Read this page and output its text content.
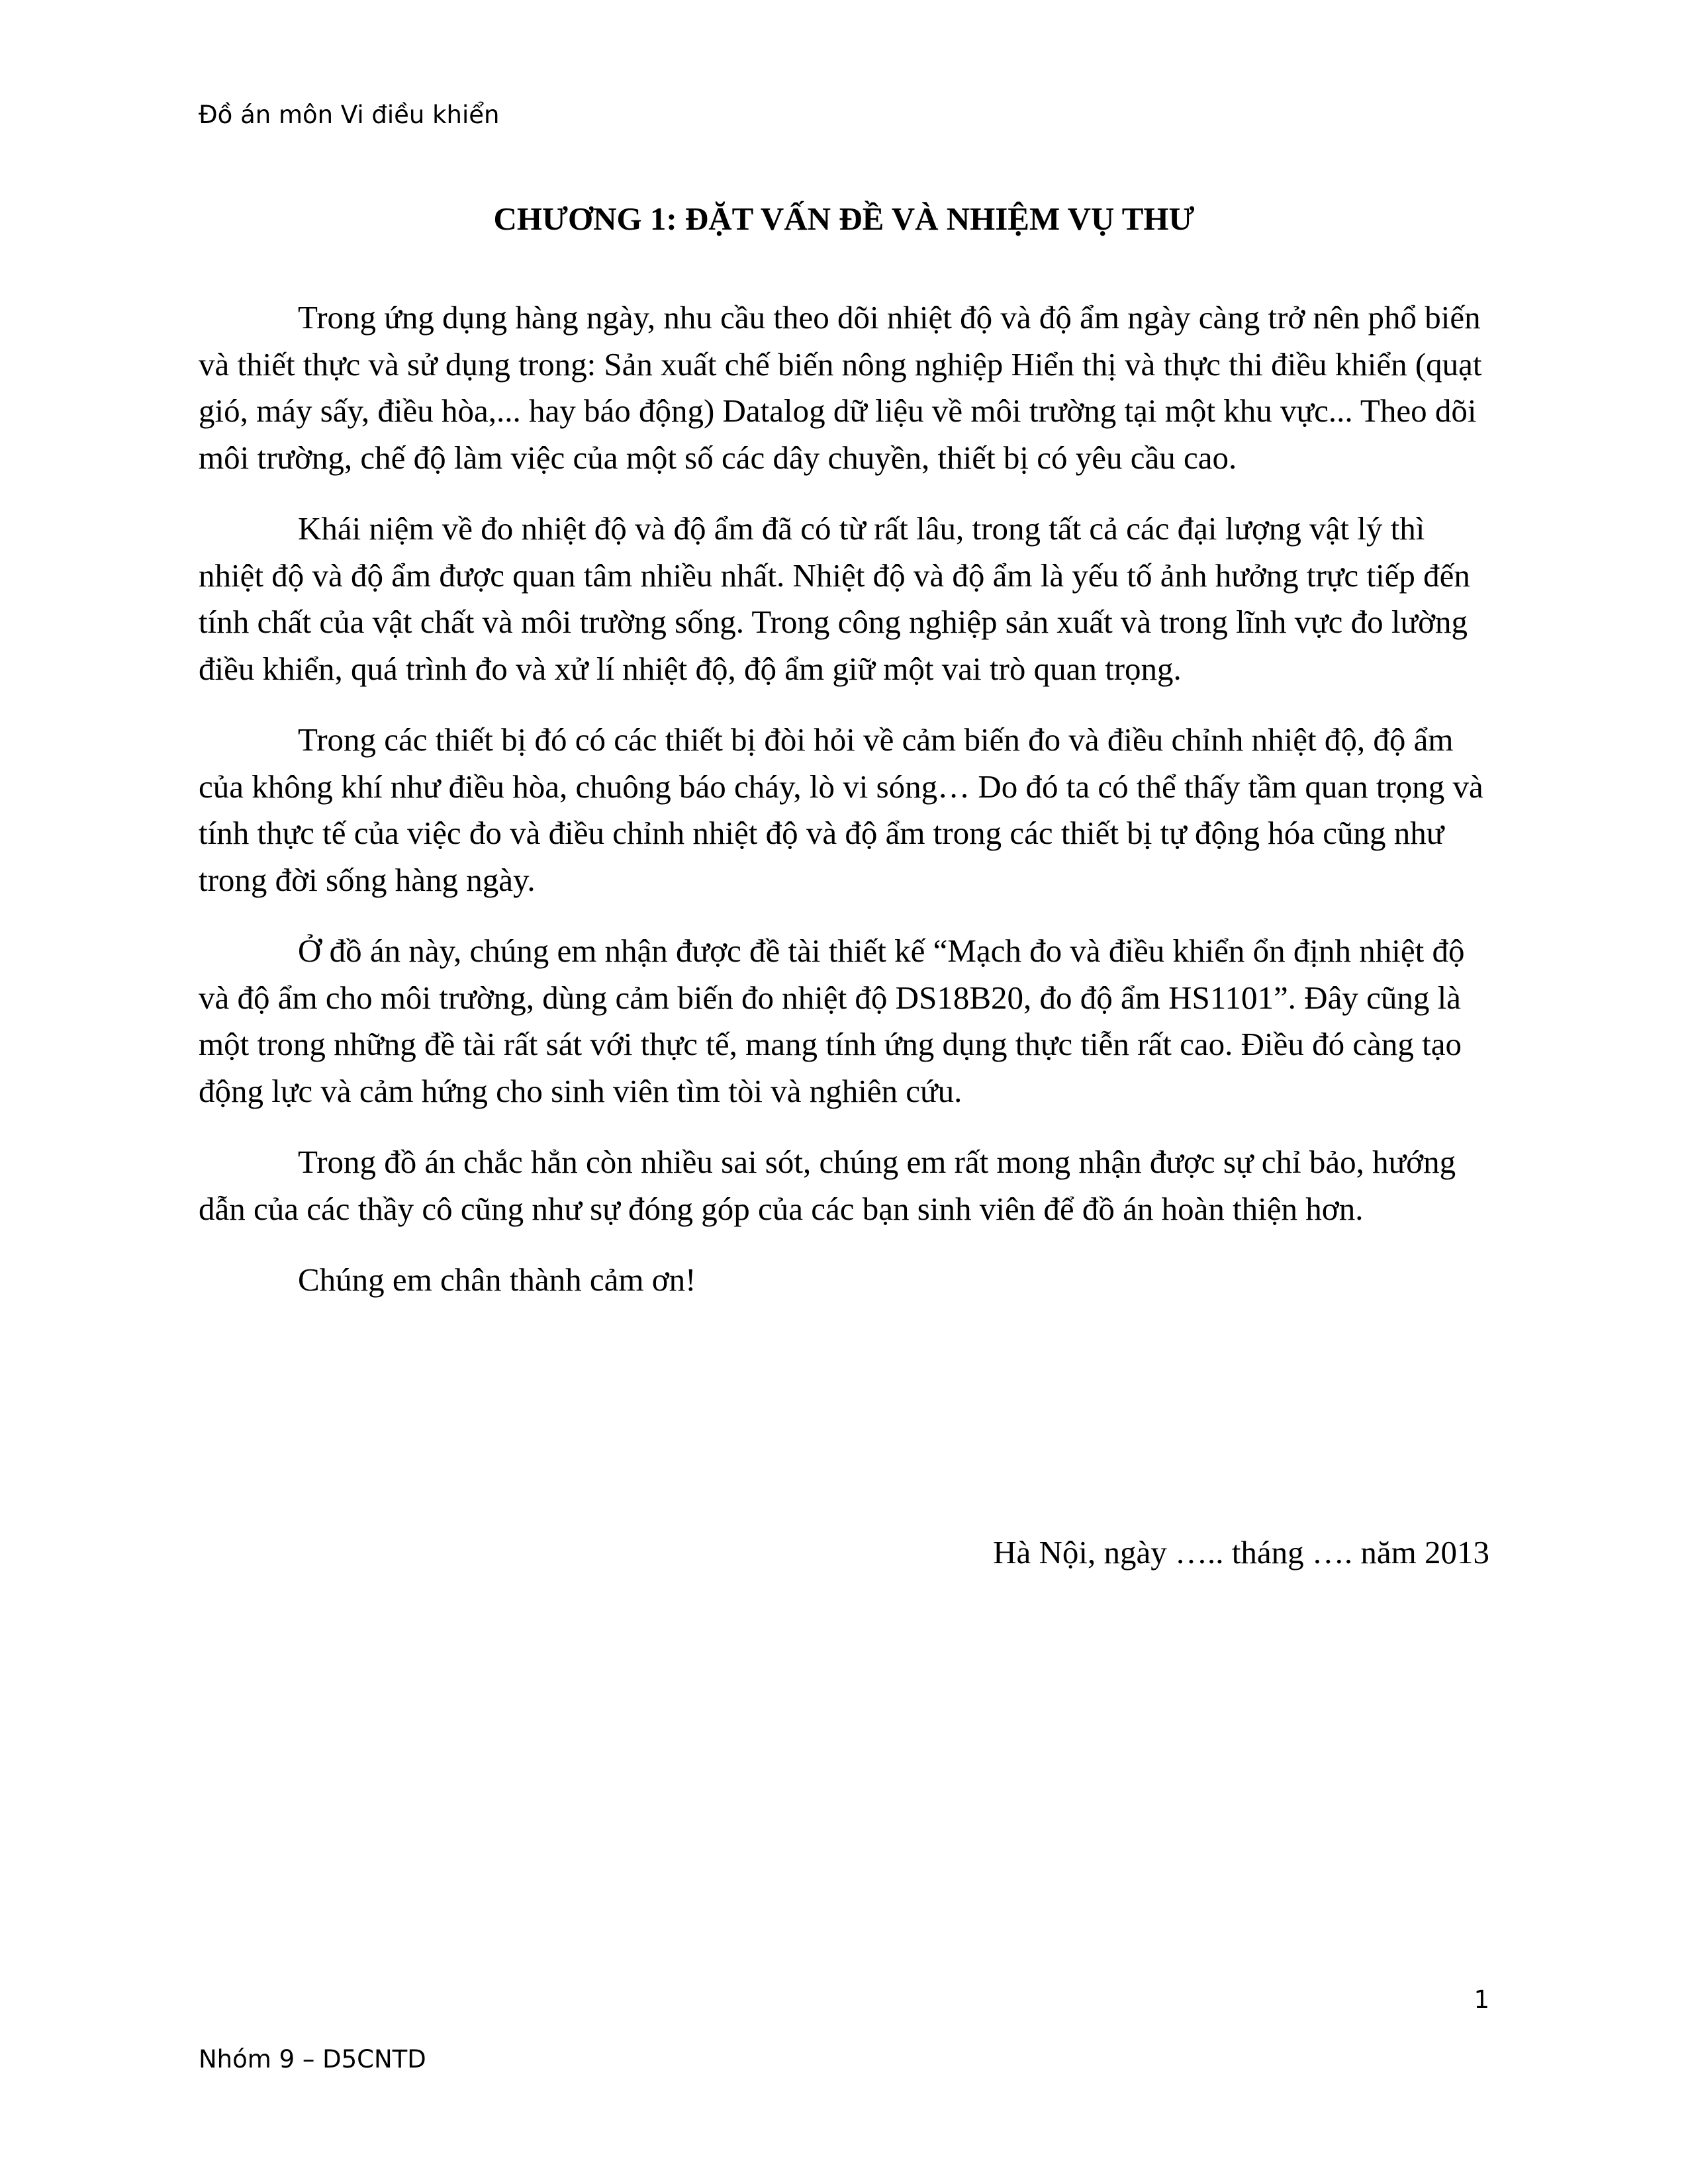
Đồ án môn Vi điều khiển
CHƯƠNG 1: ĐẶT VẤN ĐỀ VÀ NHIỆM VỤ THƯ

Trong ứng dụng hàng ngày, nhu cầu theo dõi nhiệt độ và độ ẩm ngày càng trở nên phổ biến và thiết thực và sử dụng trong: Sản xuất chế biến nông nghiệp Hiển thị và thực thi điều khiển (quạt gió, máy sấy, điều hòa,... hay báo động) Datalog dữ liệu về môi trường tại một khu vực... Theo dõi môi trường, chế độ làm việc của một số các dây chuyền, thiết bị có yêu cầu cao.

Khái niệm về đo nhiệt độ và độ ẩm đã có từ rất lâu, trong tất cả các đại lượng vật lý thì nhiệt độ và độ ẩm được quan tâm nhiều nhất. Nhiệt độ và độ ẩm là yếu tố ảnh hưởng trực tiếp đến tính chất của vật chất và môi trường sống. Trong công nghiệp sản xuất và trong lĩnh vực đo lường điều khiển, quá trình đo và xử lí nhiệt độ, độ ẩm giữ một vai trò quan trọng.

Trong các thiết bị đó có các thiết bị đòi hỏi về cảm biến đo và điều chỉnh nhiệt độ, độ ẩm của không khí như điều hòa, chuông báo cháy, lò vi sóng… Do đó ta có thể thấy tầm quan trọng và tính thực tế của việc đo và điều chỉnh nhiệt độ và độ ẩm trong các thiết bị tự động hóa cũng như trong đời sống hàng ngày.

Ở đồ án này, chúng em nhận được đề tài thiết kế “Mạch đo và điều khiển ổn định nhiệt độ và độ ẩm cho môi trường, dùng cảm biến đo nhiệt độ DS18B20, đo độ ẩm HS1101”. Đây cũng là một trong những đề tài rất sát với thực tế, mang tính ứng dụng thực tiễn rất cao. Điều đó càng tạo động lực và cảm hứng cho sinh viên tìm tòi và nghiên cứu.

Trong đồ án chắc hẳn còn nhiều sai sót, chúng em rất mong nhận được sự chỉ bảo, hướng dẫn của các thầy cô cũng như sự đóng góp của các bạn sinh viên để đồ án hoàn thiện hơn.

Chúng em chân thành cảm ơn!

Hà Nội, ngày ….. tháng …. năm 2013
1
Nhóm 9 – D5CNTD
